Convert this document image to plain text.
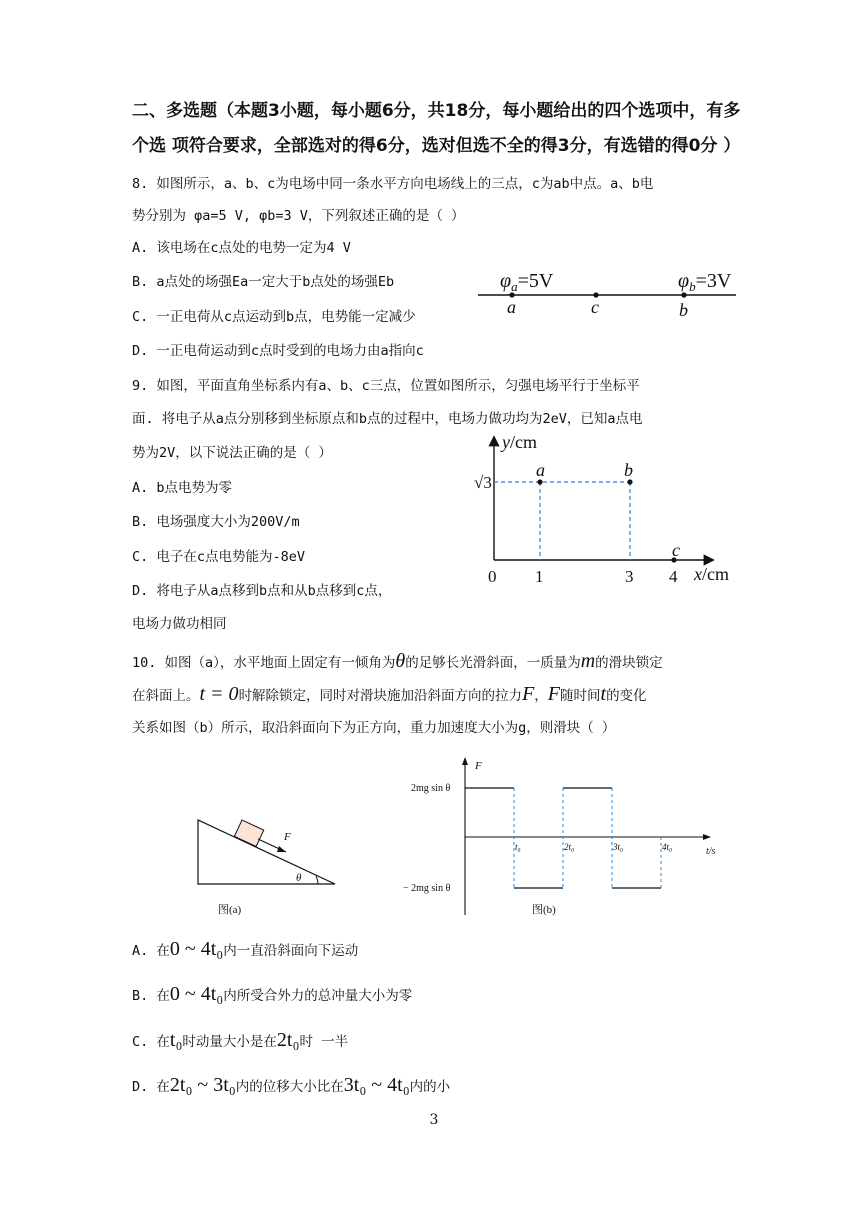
二、多选题（本题3小题，每小题6分，共18分，每小题给出的四个选项中，有多
个选 项符合要求，全部选对的得6分，选对但选不全的得3分，有选错的得0分 ）
8. 如图所示，a、b、c为电场中同一条水平方向电场线上的三点，c为ab中点。a、b电
势分别为 φa=5 V, φb=3 V，下列叙述正确的是（ ）
A. 该电场在c点处的电势一定为4 V
B. a点处的场强Ea一定大于b点处的场强Eb
C. 一正电荷从c点运动到b点，电势能一定减少
D. 一正电荷运动到c点时受到的电场力由a指向c
$\varphi_a=5V$	$\varphi_b=3V$
a	c	b
9. 如图，平面直角坐标系内有a、b、c三点，位置如图所示，匀强电场平行于坐标平
面. 将电子从a点分别移到坐标原点和b点的过程中，电场力做功均为2eV，已知a点电
势为2V，以下说法正确的是（ ）
A. b点电势为零
B. 电场强度大小为200V/m
C. 电子在c点电势能为-8eV
D. 将电子从a点移到b点和从b点移到c点，
电场力做功相同
y/cm
x/cm
√3
0 1	3 4
a	b
c
10. 如图（a），水平地面上固定有一倾角为θ的足够长光滑斜面，一质量为m的滑块锁定
在斜面上。t = 0时解除锁定，同时对滑块施加沿斜面方向的拉力F，F随时间t的变化
关系如图（b）所示，取沿斜面向下为正方向，重力加速度大小为g，则滑块（ ）
F
θ
图(a)
F
2mg sin θ
− 2mg sin θ
t₀	2t₀	3t₀	4t₀	t/s
图(b)
A. 在0 ~ 4t₀内一直沿斜面向下运动
B. 在0 ~ 4t₀内所受合外力的总冲量大小为零
C. 在t₀时动量大小是在2t₀时 一半
D. 在2t₀ ~ 3t₀内的位移大小比在3t₀ ~ 4t₀内的小
3
